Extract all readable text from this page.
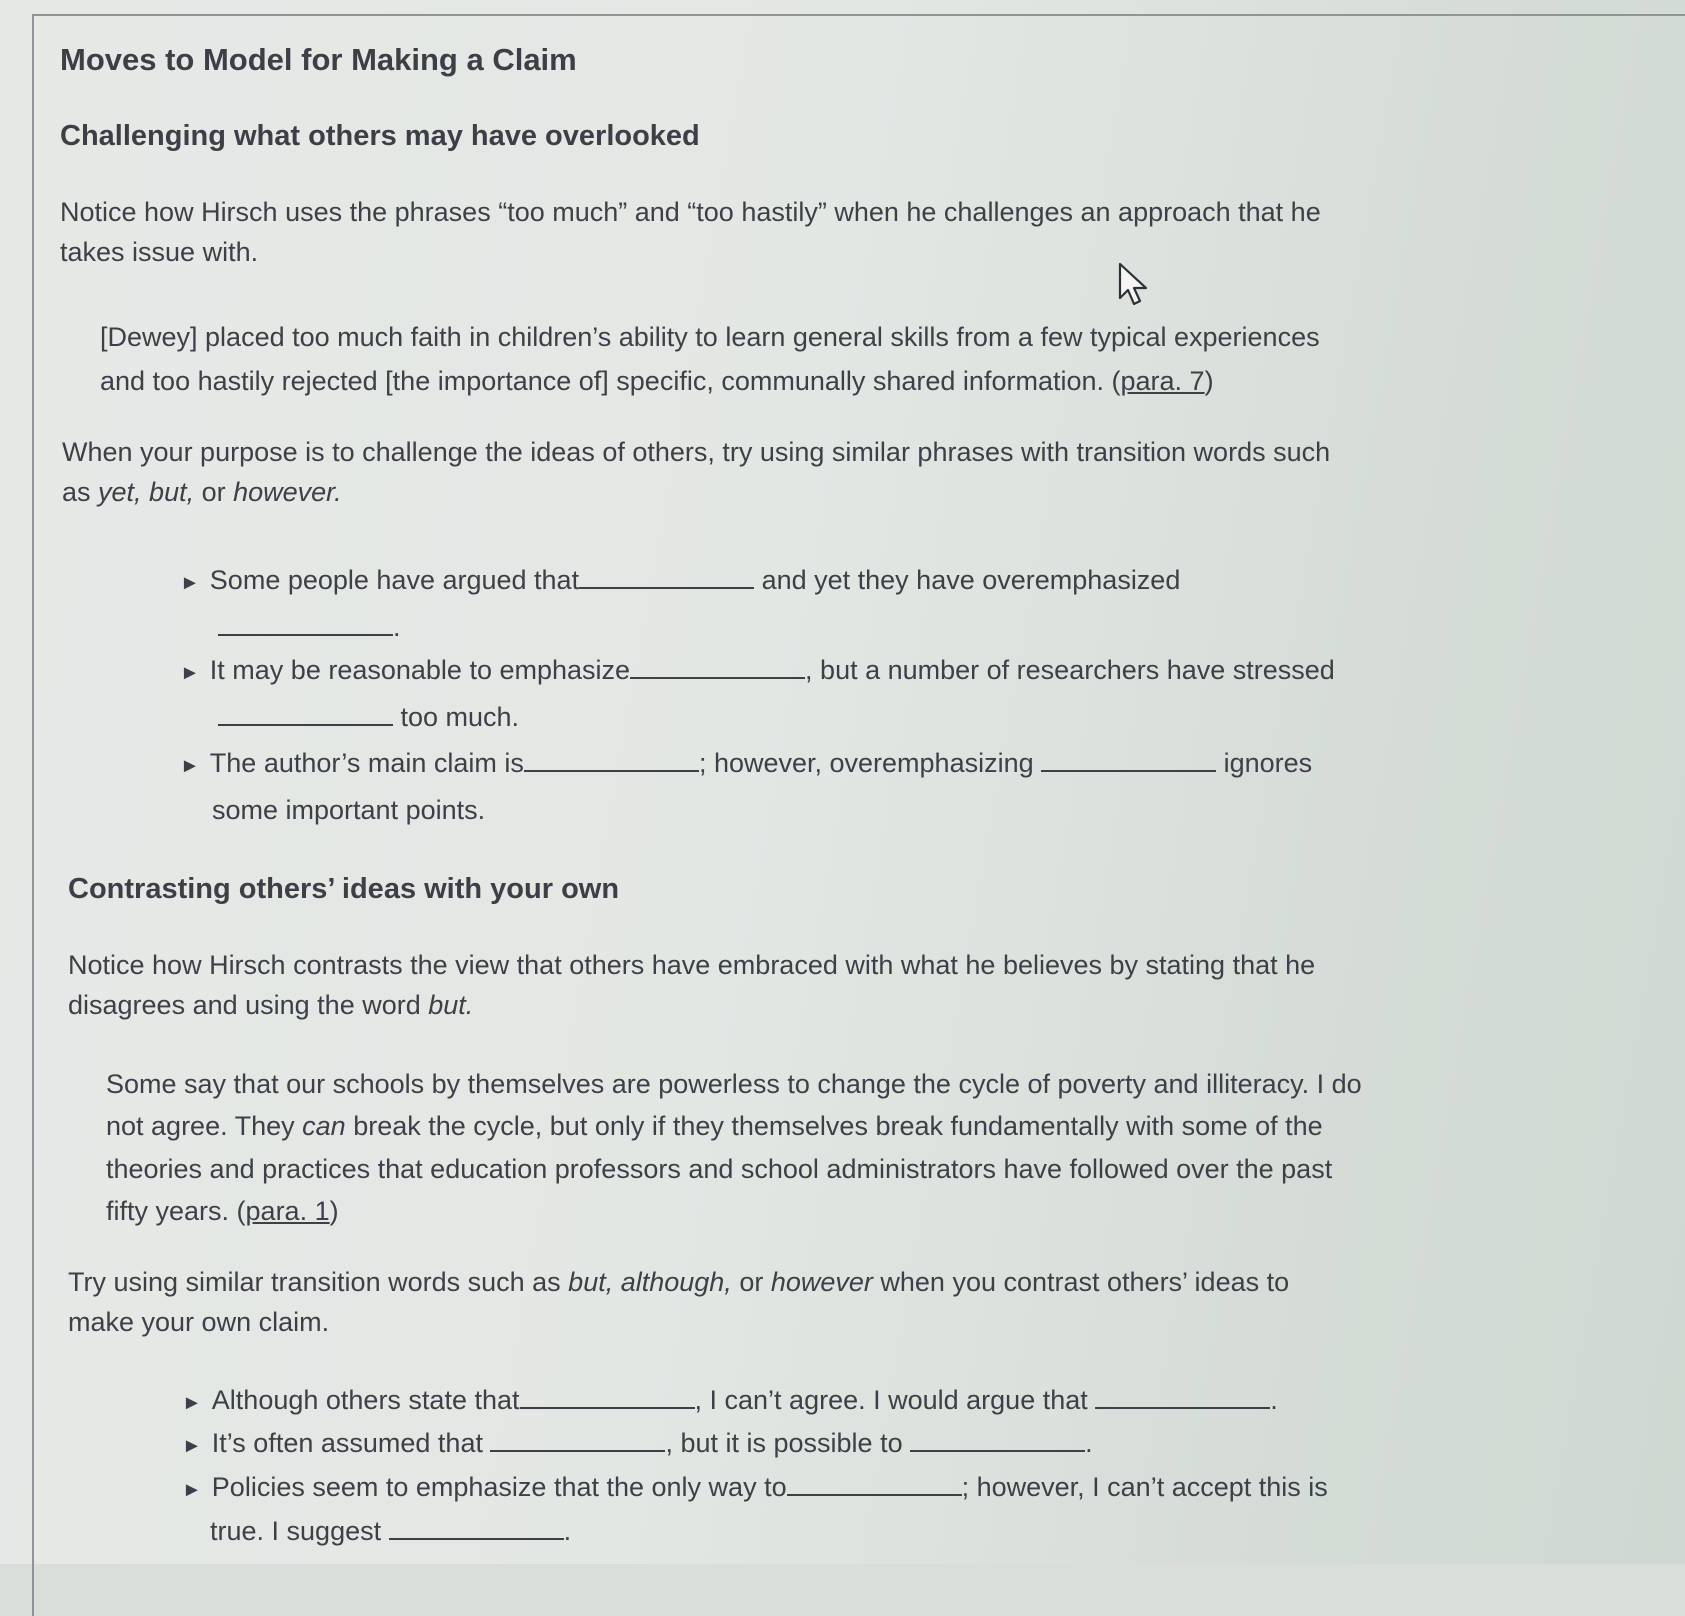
Moves to Model for Making a Claim
Challenging what others may have overlooked
Notice how Hirsch uses the phrases “too much” and “too hastily” when he challenges an approach that he
takes issue with.
[Dewey] placed too much faith in children’s ability to learn general skills from a few typical experiences
and too hastily rejected [the importance of] specific, communally shared information. (para. 7)
When your purpose is to challenge the ideas of others, try using similar phrases with transition words such
as yet, but, or however.
► Some people have argued that	and yet they have overemphasized
.
► It may be reasonable to emphasize	, but a number of researchers have stressed
too much.
► The author’s main claim is	; however, overemphasizing	ignores
some important points.
Contrasting others’ ideas with your own
Notice how Hirsch contrasts the view that others have embraced with what he believes by stating that he
disagrees and using the word but.
Some say that our schools by themselves are powerless to change the cycle of poverty and illiteracy. I do
not agree. They can break the cycle, but only if they themselves break fundamentally with some of the
theories and practices that education professors and school administrators have followed over the past
fifty years. (para. 1)
Try using similar transition words such as but, although, or however when you contrast others’ ideas to
make your own claim.
► Although others state that	, I can’t agree. I would argue that	.
► It’s often assumed that	, but it is possible to	.
► Policies seem to emphasize that the only way to	; however, I can’t accept this is
true. I suggest	.
